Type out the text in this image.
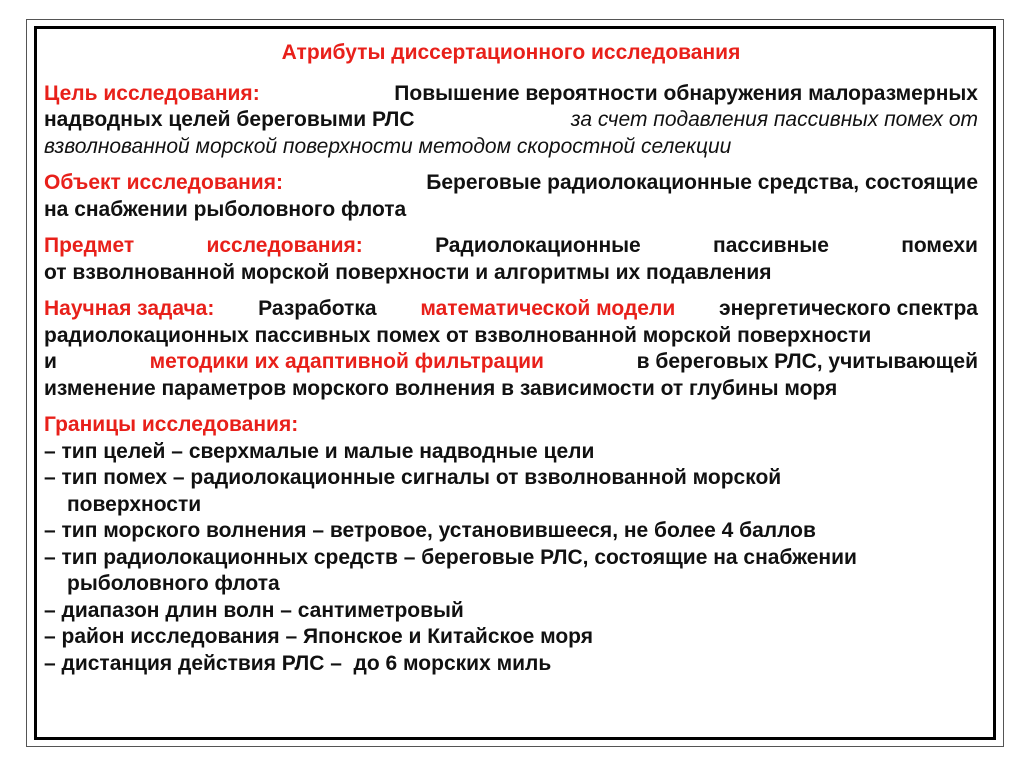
Атрибуты диссертационного исследования
Цель исследования:	Повышение вероятности обнаружения малоразмерных
надводных целей береговыми РЛС	за счет подавления пассивных помех от
взволнованной морской поверхности методом скоростной селекции
Объект исследования:	Береговые радиолокационные средства, состоящие
на снабжении рыболовного флота
Предмет	исследования:	Радиолокационные	пассивные	помехи
от взволнованной морской поверхности и алгоритмы их подавления
Научная задача: Разработка математической модели энергетического спектра
радиолокационных пассивных помех от взволнованной морской поверхности
и	методики их адаптивной фильтрации	в береговых РЛС, учитывающей
изменение параметров морского волнения в зависимости от глубины моря
Границы исследования:
– тип целей – сверхмалые и малые надводные цели
– тип помех – радиолокационные сигналы от взволнованной морской
поверхности
– тип морского волнения – ветровое, установившееся, не более 4 баллов
– тип радиолокационных средств – береговые РЛС, состоящие на снабжении
рыболовного флота
– диапазон длин волн – сантиметровый
– район исследования – Японское и Китайское моря
– дистанция действия РЛС –  до 6 морских миль
